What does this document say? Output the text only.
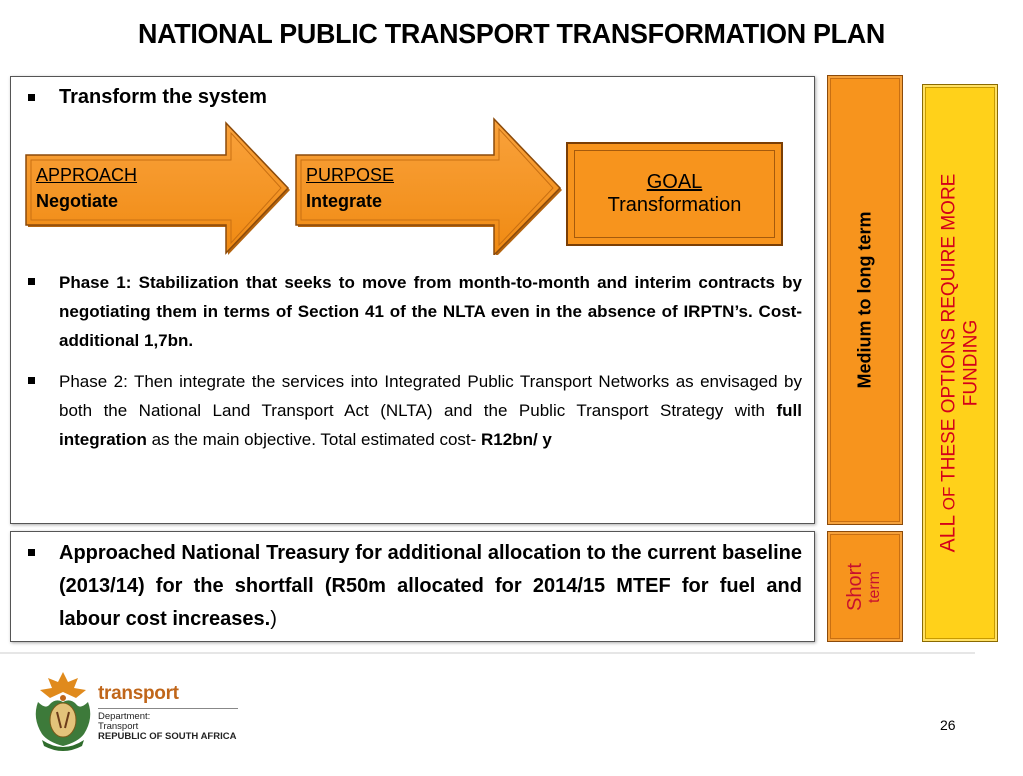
NATIONAL PUBLIC TRANSPORT TRANSFORMATION PLAN
Transform the system
APPROACH
Negotiate
PURPOSE
Integrate
GOAL
Transformation
Phase 1: Stabilization that seeks to move from month-to-month and interim contracts by negotiating them in terms of Section 41 of the NLTA even in the absence of IRPTN’s. Cost- additional 1,7bn.
Phase 2: Then integrate the services into Integrated Public Transport Networks as envisaged by both the National Land Transport Act (NLTA) and the Public Transport Strategy with full integration as the main objective. Total estimated cost- R12bn/ y
Approached National Treasury for additional allocation to the current baseline (2013/14) for the shortfall (R50m allocated for 2014/15 MTEF for fuel and labour cost increases.)
Medium to long term
Short term
ALL OF THESE OPTIONS REQUIRE MORE FUNDING
transport
Department:
Transport
REPUBLIC OF SOUTH AFRICA
26
